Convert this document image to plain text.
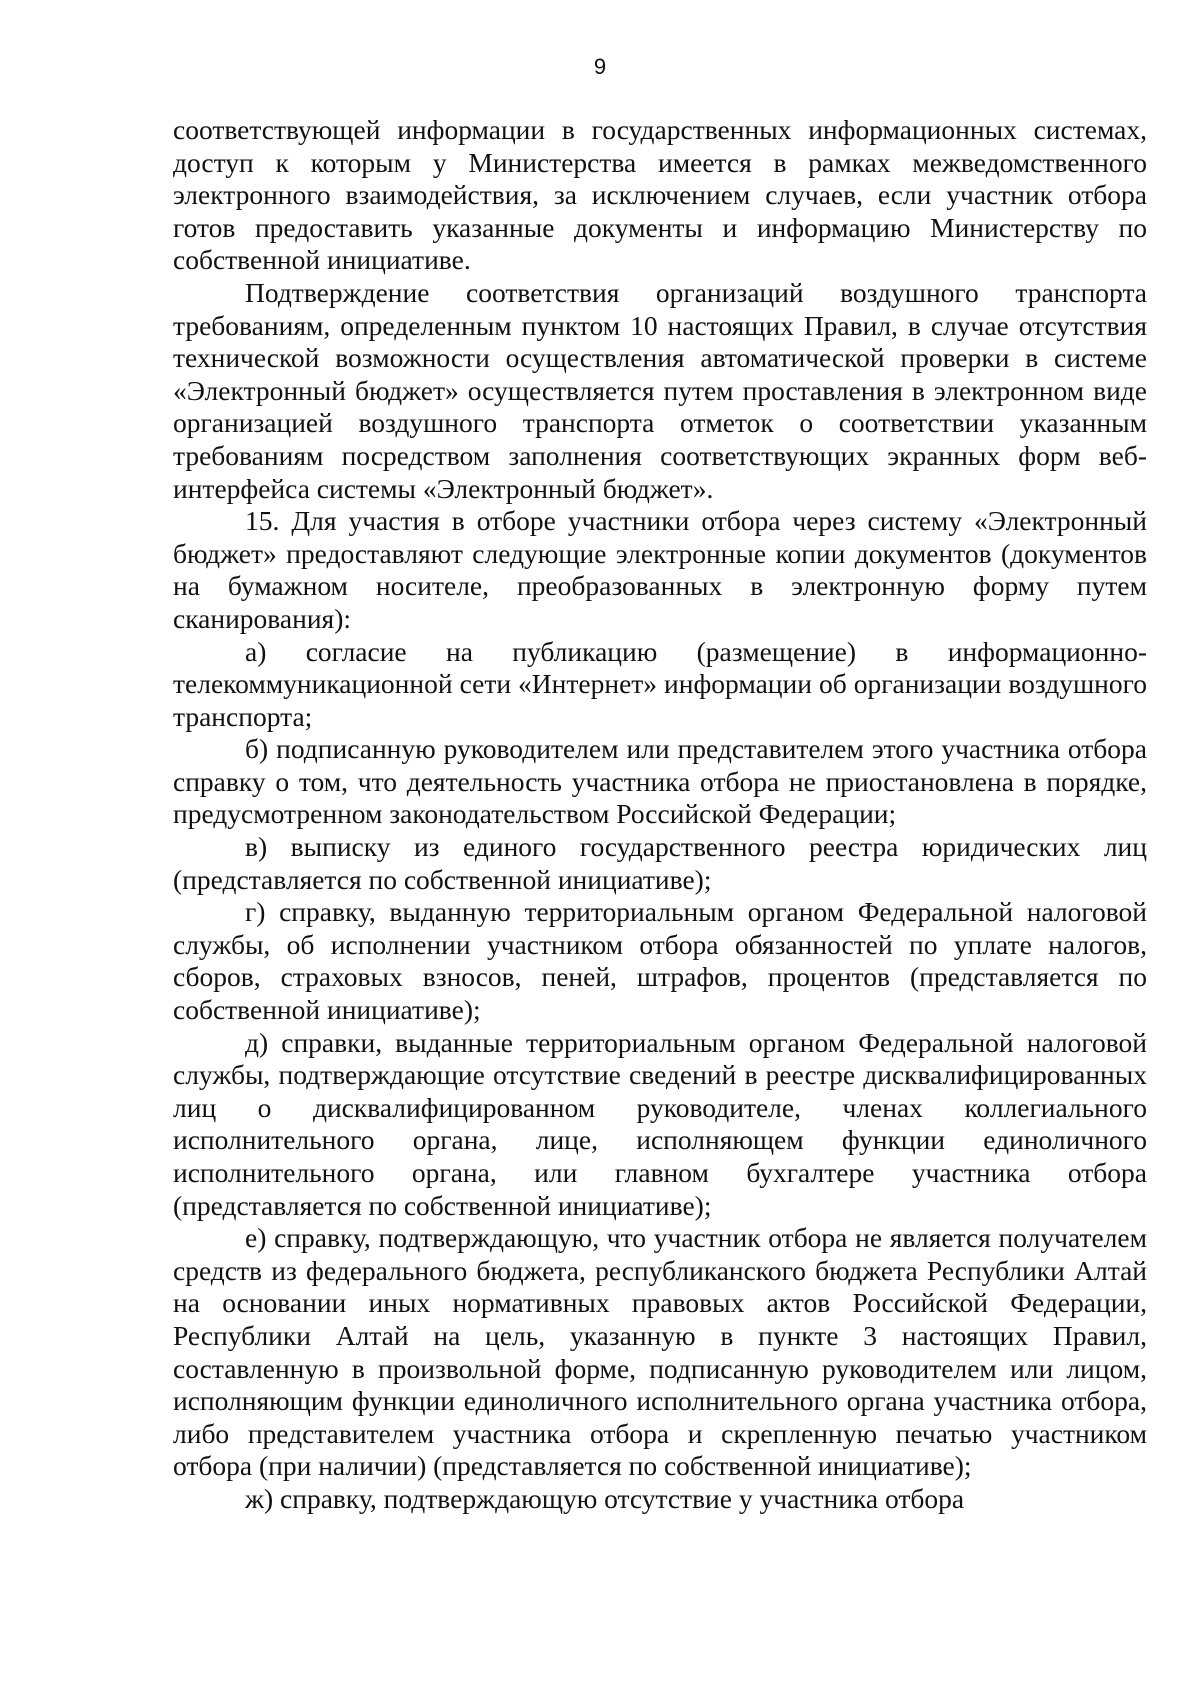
9

соответствующей информации в государственных информационных системах, доступ к которым у Министерства имеется в рамках межведомственного электронного взаимодействия, за исключением случаев, если участник отбора готов предоставить указанные документы и информацию Министерству по собственной инициативе.

Подтверждение соответствия организаций воздушного транспорта требованиям, определенным пунктом 10 настоящих Правил, в случае отсутствия технической возможности осуществления автоматической проверки в системе «Электронный бюджет» осуществляется путем проставления в электронном виде организацией воздушного транспорта отметок о соответствии указанным требованиям посредством заполнения соответствующих экранных форм веб-интерфейса системы «Электронный бюджет».

15. Для участия в отборе участники отбора через систему «Электронный бюджет» предоставляют следующие электронные копии документов (документов на бумажном носителе, преобразованных в электронную форму путем сканирования):

а) согласие на публикацию (размещение) в информационно-телекоммуникационной сети «Интернет» информации об организации воздушного транспорта;

б) подписанную руководителем или представителем этого участника отбора справку о том, что деятельность участника отбора не приостановлена в порядке, предусмотренном законодательством Российской Федерации;

в) выписку из единого государственного реестра юридических лиц (представляется по собственной инициативе);

г) справку, выданную территориальным органом Федеральной налоговой службы, об исполнении участником отбора обязанностей по уплате налогов, сборов, страховых взносов, пеней, штрафов, процентов (представляется по собственной инициативе);

д) справки, выданные территориальным органом Федеральной налоговой службы, подтверждающие отсутствие сведений в реестре дисквалифицированных лиц о дисквалифицированном руководителе, членах коллегиального исполнительного органа, лице, исполняющем функции единоличного исполнительного органа, или главном бухгалтере участника отбора (представляется по собственной инициативе);

е) справку, подтверждающую, что участник отбора не является получателем средств из федерального бюджета, республиканского бюджета Республики Алтай на основании иных нормативных правовых актов Российской Федерации, Республики Алтай на цель, указанную в пункте 3 настоящих Правил, составленную в произвольной форме, подписанную руководителем или лицом, исполняющим функции единоличного исполнительного органа участника отбора, либо представителем участника отбора и скрепленную печатью участником отбора (при наличии) (представляется по собственной инициативе);

ж) справку, подтверждающую отсутствие у участника отбора
